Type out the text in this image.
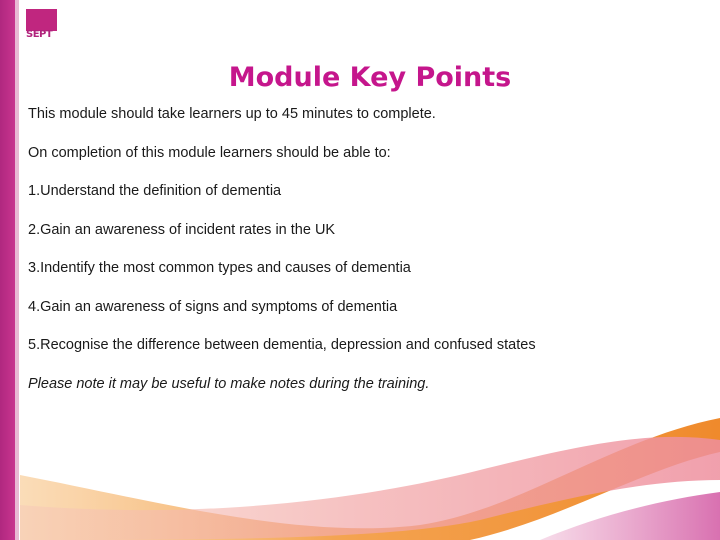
SEPT
Module Key Points

This module should take learners up to 45 minutes to complete.

On completion of this module learners should be able to:

1.Understand the definition of dementia

2.Gain an awareness of incident rates in the UK

3.Indentify the most common types and causes of dementia

4.Gain an awareness of signs and symptoms of dementia

5.Recognise the difference between dementia, depression and confused states

Please note it may be useful to make notes during the training.
